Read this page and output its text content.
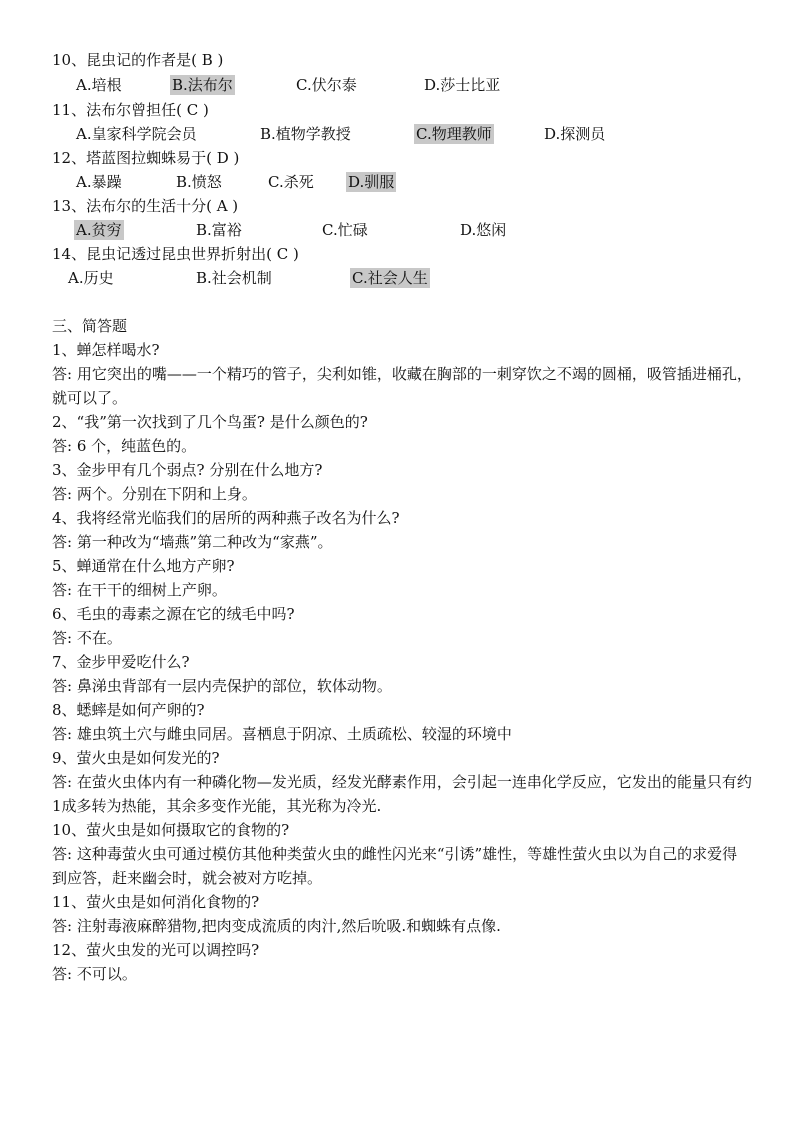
10、昆虫记的作者是( B )
A.培根	B.法布尔	C.伏尔泰	D.莎士比亚
11、法布尔曾担任( C )
A.皇家科学院会员	B.植物学教授	C.物理教师	D.探测员
12、塔蓝图拉蜘蛛易于( D )
A.暴躁	B.愤怒	C.杀死 D.驯服
13、法布尔的生活十分( A )
A.贫穷	B.富裕	C.忙碌	D.悠闲
14、昆虫记透过昆虫世界折射出( C )
A.历史	B.社会机制	C.社会人生
三、简答题
1、蝉怎样喝水?
答: 用它突出的嘴——一个精巧的管子，尖利如锥，收藏在胸部的一刺穿饮之不竭的圆桶，吸管插进桶孔，就可以了。
2、“我”第一次找到了几个鸟蛋? 是什么颜色的?
答: 6 个，纯蓝色的。
3、金步甲有几个弱点? 分别在什么地方?
答: 两个。分别在下阴和上身。
4、我将经常光临我们的居所的两种燕子改名为什么?
答: 第一种改为“墙燕”第二种改为“家燕”。
5、蝉通常在什么地方产卵?
答: 在干干的细树上产卵。
6、毛虫的毒素之源在它的绒毛中吗?
答: 不在。
7、金步甲爱吃什么?
答: 鼻涕虫背部有一层内壳保护的部位，软体动物。
8、蟋蟀是如何产卵的?
答: 雄虫筑土穴与雌虫同居。喜栖息于阴凉、土质疏松、较湿的环境中
9、萤火虫是如何发光的?
答: 在萤火虫体内有一种磷化物—发光质，经发光酵素作用，会引起一连串化学反应，它发出的能量只有约1成多转为热能，其余多变作光能，其光称为冷光.
10、萤火虫是如何摄取它的食物的?
答: 这种毒萤火虫可通过模仿其他种类萤火虫的雌性闪光来“引诱”雄性，等雄性萤火虫以为自己的求爱得到应答，赶来幽会时，就会被对方吃掉。
11、萤火虫是如何消化食物的?
答: 注射毒液麻醉猎物,把肉变成流质的肉汁,然后吮吸.和蜘蛛有点像.
12、萤火虫发的光可以调控吗?
答: 不可以。
